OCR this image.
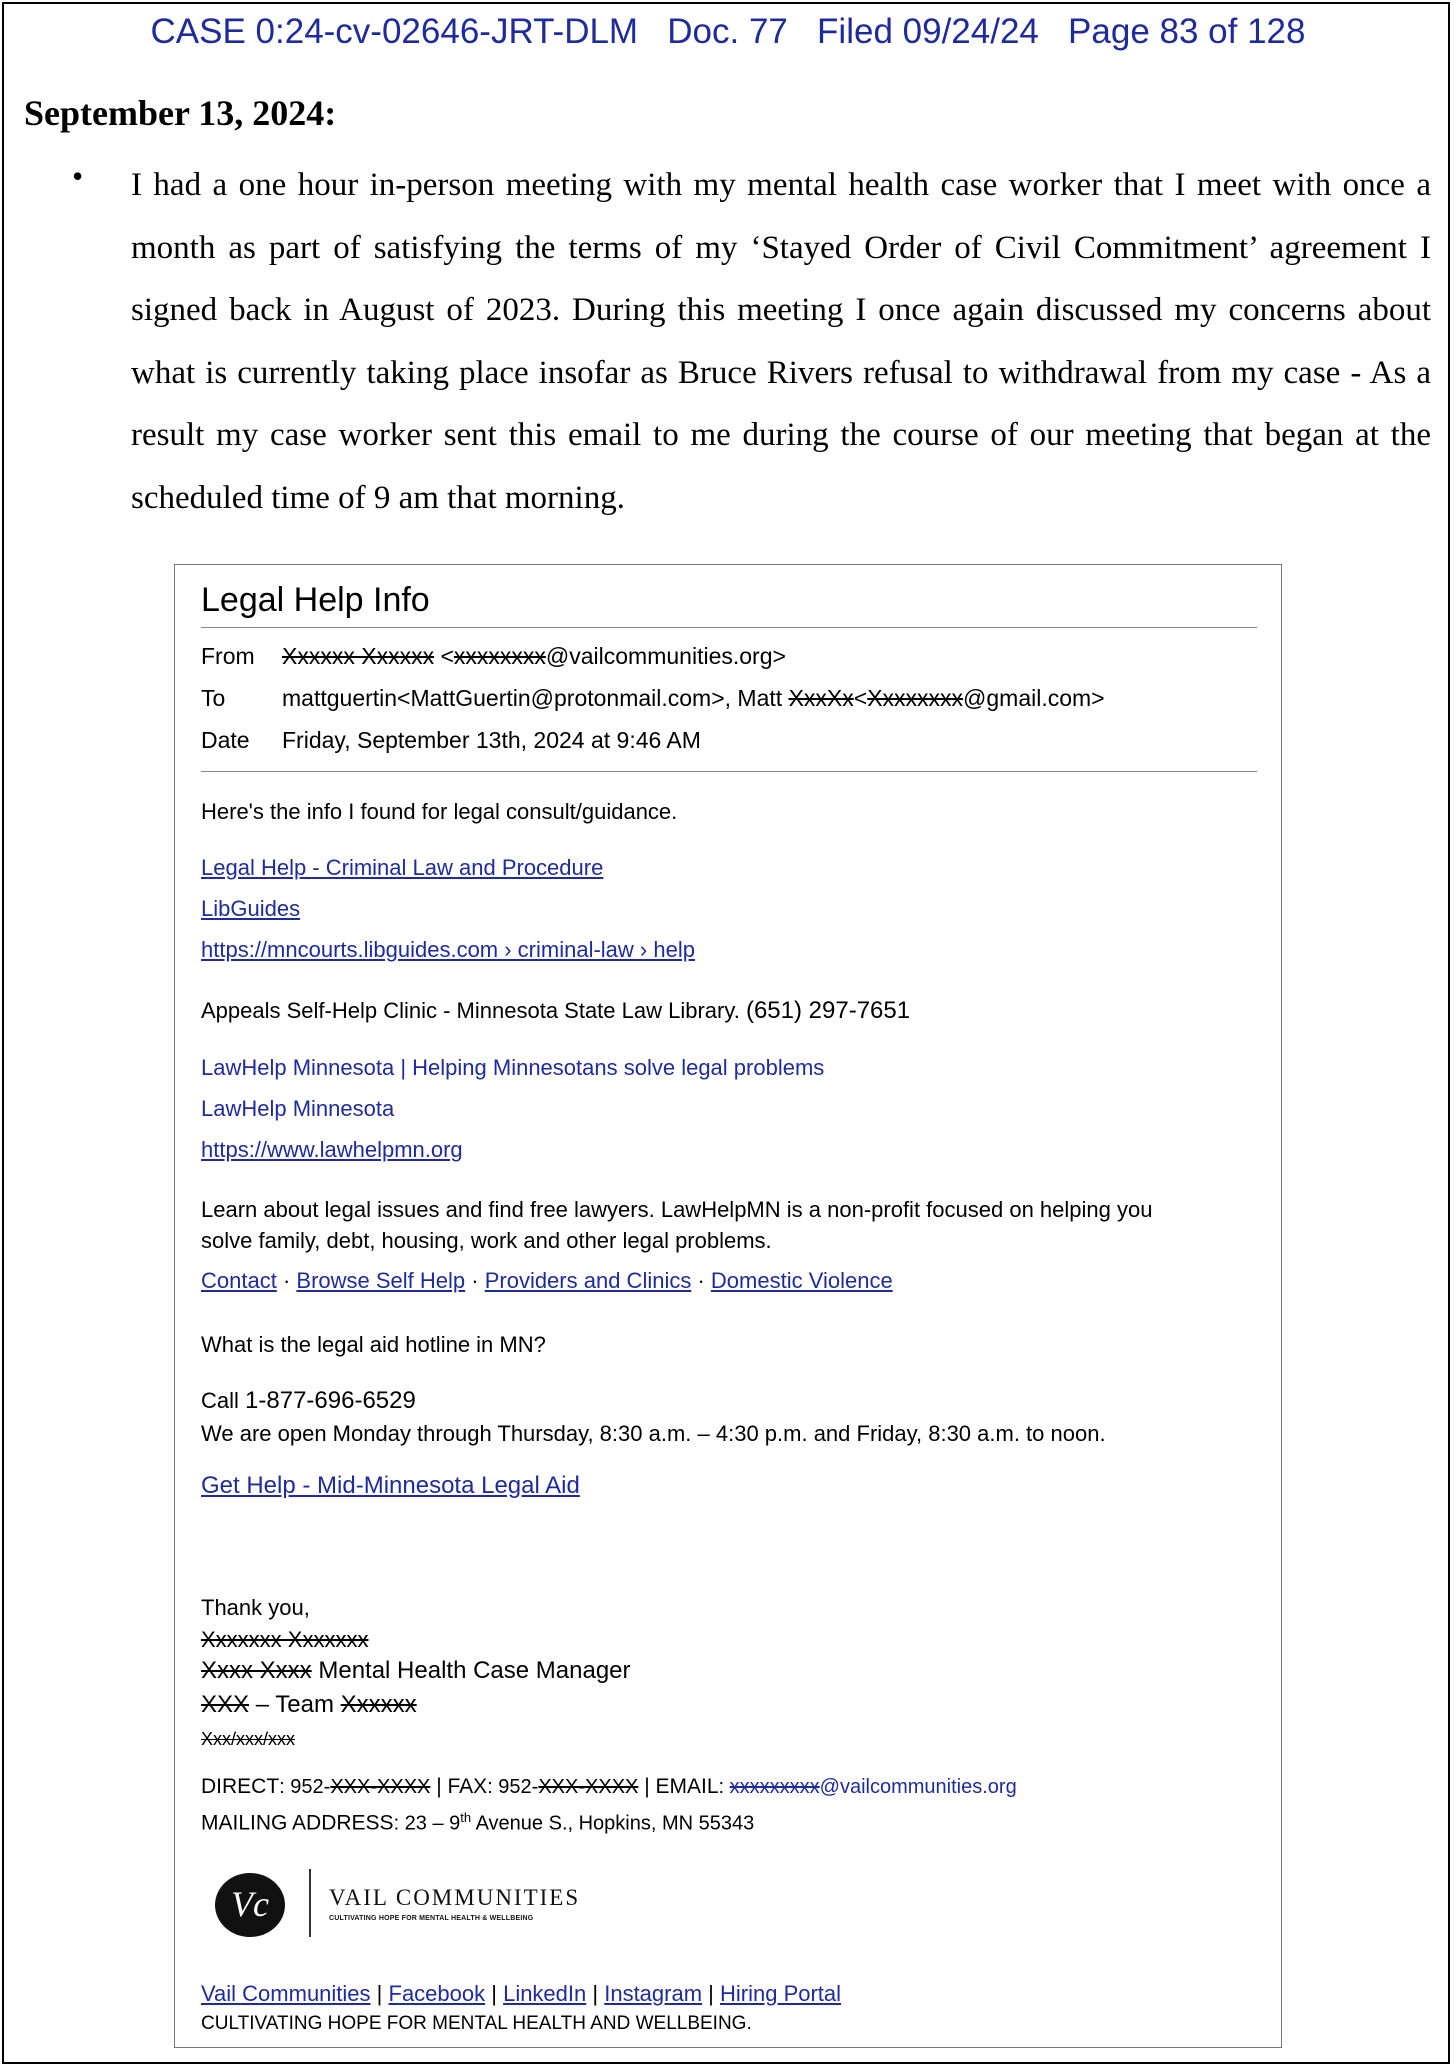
CASE 0:24-cv-02646-JRT-DLM   Doc. 77   Filed 09/24/24   Page 83 of 128
September 13, 2024:
• I had a one hour in-person meeting with my mental health case worker that I meet with once a month as part of satisfying the terms of my ‘Stayed Order of Civil Commitment’ agreement I signed back in August of 2023. During this meeting I once again discussed my concerns about what is currently taking place insofar as Bruce Rivers refusal to withdrawal from my case - As a result my case worker sent this email to me during the course of our meeting that began at the scheduled time of 9 am that morning.
Legal Help Info
From Xxxxxx Xxxxxx <xxxxxxxx@vailcommunities.org>
To mattguertin<MattGuertin@protonmail.com>, Matt XxxXx<Xxxxxxxx@gmail.com>
Date Friday, September 13th, 2024 at 9:46 AM
Here's the info I found for legal consult/guidance.
Legal Help - Criminal Law and Procedure
LibGuides
https://mncourts.libguides.com › criminal-law › help
Appeals Self-Help Clinic - Minnesota State Law Library. (651) 297-7651
LawHelp Minnesota | Helping Minnesotans solve legal problems
LawHelp Minnesota
https://www.lawhelpmn.org
Learn about legal issues and find free lawyers. LawHelpMN is a non-profit focused on helping you
solve family, debt, housing, work and other legal problems.
Contact · Browse Self Help · Providers and Clinics · Domestic Violence
What is the legal aid hotline in MN?
Call 1-877-696-6529
We are open Monday through Thursday, 8:30 a.m. – 4:30 p.m. and Friday, 8:30 a.m. to noon.
Get Help - Mid-Minnesota Legal Aid
Thank you,
Xxxxxxx Xxxxxxx
Xxxx Xxxx Mental Health Case Manager
XXX – Team Xxxxxx
Xxx/xxx/xxx
DIRECT: 952-XXX-XXXX | FAX: 952-XXX-XXXX | EMAIL: xxxxxxxxx@vailcommunities.org
MAILING ADDRESS: 23 – 9th Avenue S., Hopkins, MN 55343
Vc	VAIL COMMUNITIES
CULTIVATING HOPE FOR MENTAL HEALTH & WELLBEING
Vail Communities | Facebook | LinkedIn | Instagram | Hiring Portal
CULTIVATING HOPE FOR MENTAL HEALTH AND WELLBEING.
